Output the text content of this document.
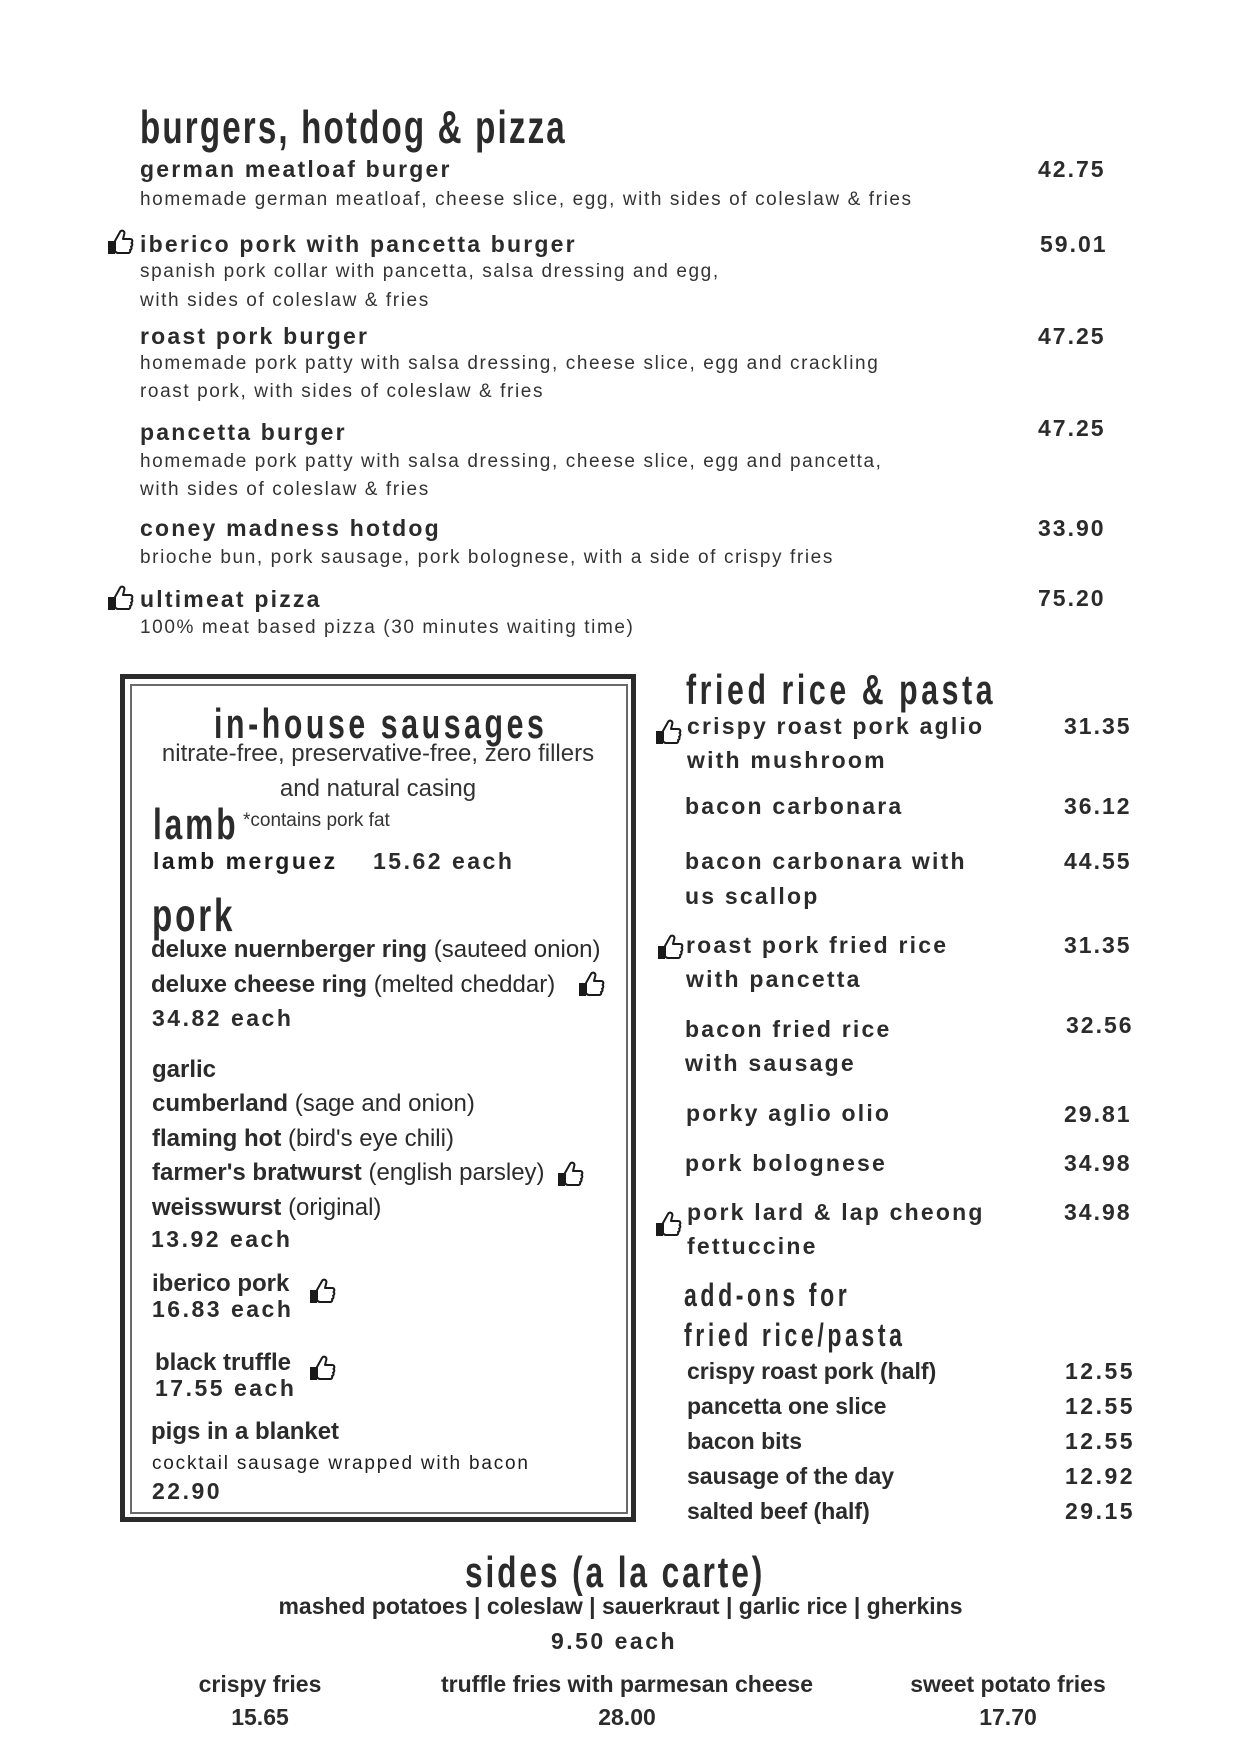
burgers, hotdog & pizza
german meatloaf burger
homemade german meatloaf, cheese slice, egg, with sides of coleslaw & fries
42.75
iberico pork with pancetta burger
spanish pork collar with pancetta, salsa dressing and egg,
with sides of coleslaw & fries
59.01
roast pork burger
homemade pork patty with salsa dressing, cheese slice, egg and crackling
roast pork, with sides of coleslaw & fries
47.25
pancetta burger
homemade pork patty with salsa dressing, cheese slice, egg and pancetta,
with sides of coleslaw & fries
47.25
coney madness hotdog
brioche bun, pork sausage, pork bolognese, with a side of crispy fries
33.90
ultimeat pizza
100% meat based pizza (30 minutes waiting time)
75.20
in-house sausages
nitrate-free, preservative-free, zero fillers
and natural casing
lamb *contains pork fat
lamb merguez 15.62 each
pork
deluxe nuernberger ring (sauteed onion)
deluxe cheese ring (melted cheddar)
34.82 each
garlic
cumberland (sage and onion)
flaming hot (bird's eye chili)
farmer's bratwurst (english parsley)
weisswurst (original)
13.92 each
iberico pork
16.83 each
black truffle
17.55 each
pigs in a blanket
cocktail sausage wrapped with bacon
22.90
fried rice & pasta
crispy roast pork aglio
with mushroom
31.35
bacon carbonara	36.12
bacon carbonara with
us scallop
44.55
roast pork fried rice
with pancetta
31.35
bacon fried rice
with sausage
32.56
porky aglio olio	29.81
pork bolognese	34.98
pork lard & lap cheong
fettuccine
34.98
add-ons for
fried rice/pasta
crispy roast pork (half)	12.55
pancetta one slice	12.55
bacon bits	12.55
sausage of the day	12.92
salted beef (half)	29.15
sides (a la carte)
mashed potatoes | coleslaw | sauerkraut | garlic rice | gherkins
9.50 each
crispy fries
15.65
truffle fries with parmesan cheese
28.00
sweet potato fries
17.70
